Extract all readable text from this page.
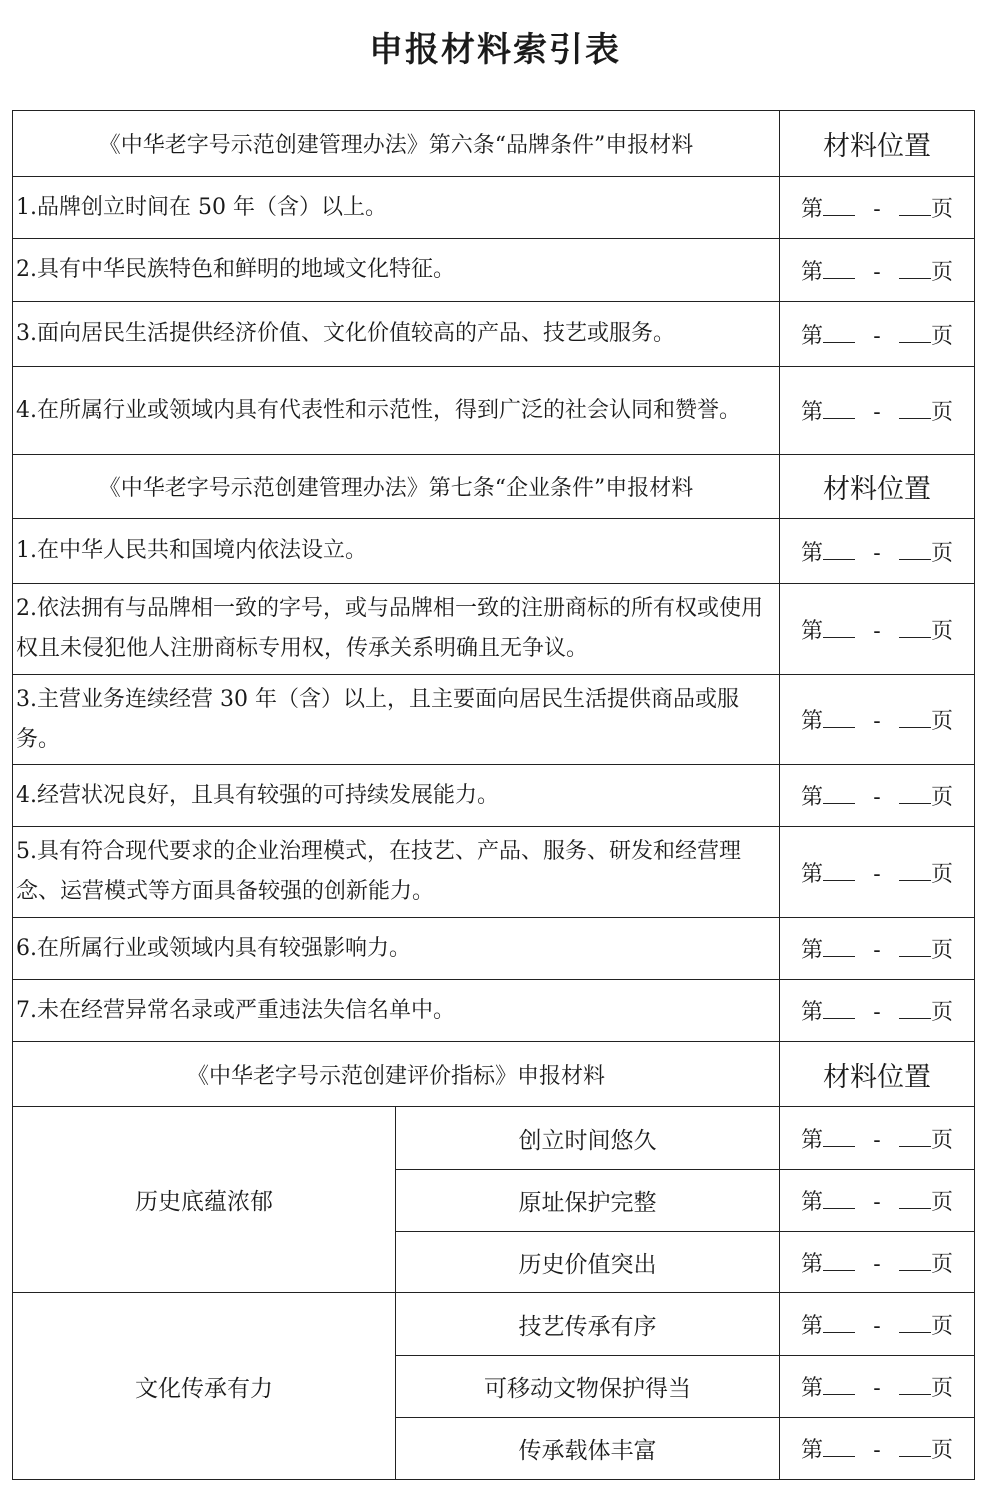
申报材料索引表
《中华老字号示范创建管理办法》第六条“品牌条件”申报材料		材料位置
1.品牌创立时间在 50 年（含）以上。		第 - 页
2.具有中华民族特色和鲜明的地域文化特征。		第 - 页
3.面向居民生活提供经济价值、文化价值较高的产品、技艺或服务。		第 - 页
4.在所属行业或领域内具有代表性和示范性，得到广泛的社会认同和赞誉。		第 - 页
《中华老字号示范创建管理办法》第七条“企业条件”申报材料		材料位置
1.在中华人民共和国境内依法设立。		第 - 页
2.依法拥有与品牌相一致的字号，或与品牌相一致的注册商标的所有权或使用权且未侵犯他人注册商标专用权，传承关系明确且无争议。		第 - 页
3.主营业务连续经营 30 年（含）以上，且主要面向居民生活提供商品或服务。		第 - 页
4.经营状况良好，且具有较强的可持续发展能力。		第 - 页
5.具有符合现代要求的企业治理模式，在技艺、产品、服务、研发和经营理念、运营模式等方面具备较强的创新能力。		第 - 页
6.在所属行业或领域内具有较强影响力。		第 - 页
7.未在经营异常名录或严重违法失信名单中。		第 - 页
《中华老字号示范创建评价指标》申报材料		材料位置
历史底蕴浓郁	创立时间悠久	第 - 页
	原址保护完整	第 - 页
	历史价值突出	第 - 页
文化传承有力	技艺传承有序	第 - 页
	可移动文物保护得当	第 - 页
	传承载体丰富	第 - 页
